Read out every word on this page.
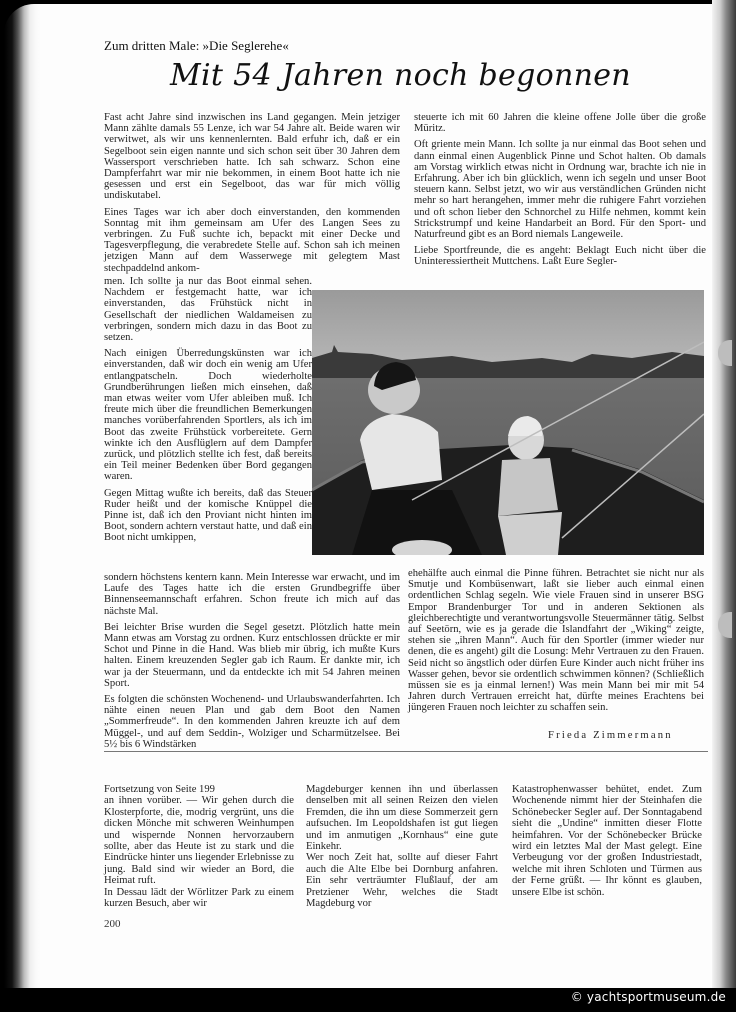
Zum dritten Male: »Die Seglerehe«
Mit 54 Jahren noch begonnen

Fast acht Jahre sind inzwischen ins Land gegangen. Mein jetziger Mann zählte damals 55 Lenze, ich war 54 Jahre alt. Beide waren wir verwitwet, als wir uns kennenlernten. Bald erfuhr ich, daß er ein Segelboot sein eigen nannte und sich schon seit über 30 Jahren dem Wassersport verschrieben hatte. Ich sah schwarz. Schon eine Dampferfahrt war mir nie bekommen, in einem Boot hatte ich nie gesessen und erst ein Segelboot, das war für mich völlig undiskutabel.

Eines Tages war ich aber doch einverstanden, den kommenden Sonntag mit ihm gemeinsam am Ufer des Langen Sees zu verbringen. Zu Fuß suchte ich, bepackt mit einer Decke und Tagesverpflegung, die verabredete Stelle auf. Schon sah ich meinen jetzigen Mann auf dem Wasserwege mit gelegtem Mast stechpaddelnd ankom-

men. Ich sollte ja nur das Boot einmal sehen. Nachdem er festgemacht hatte, war ich einverstanden, das Frühstück nicht in Gesellschaft der niedlichen Waldameisen zu verbringen, sondern mich dazu in das Boot zu setzen.

Nach einigen Überredungskünsten war ich einverstanden, daß wir doch ein wenig am Ufer entlangpatscheln. Doch wiederholte Grundberührungen ließen mich einsehen, daß man etwas weiter vom Ufer ableiben muß. Ich freute mich über die freundlichen Bemerkungen manches vorüberfahrenden Sportlers, als ich im Boot das zweite Frühstück vorbereitete. Gern winkte ich den Ausflüglern auf dem Dampfer zurück, und plötzlich stellte ich fest, daß bereits ein Teil meiner Bedenken über Bord gegangen waren.

Gegen Mittag wußte ich bereits, daß das Steuer Ruder heißt und der komische Knüppel die Pinne ist, daß ich den Proviant nicht hinten im Boot, sondern achtern verstaut hatte, und daß ein Boot nicht umkippen,

sondern höchstens kentern kann. Mein Interesse war erwacht, und im Laufe des Tages hatte ich die ersten Grundbegriffe über Binnenseemannschaft erfahren. Schon freute ich mich auf das nächste Mal.

Bei leichter Brise wurden die Segel gesetzt. Plötzlich hatte mein Mann etwas am Vorstag zu ordnen. Kurz entschlossen drückte er mir Schot und Pinne in die Hand. Was blieb mir übrig, ich mußte Kurs halten. Einem kreuzenden Segler gab ich Raum. Er dankte mir, ich war ja der Steuermann, und da entdeckte ich mit 54 Jahren meinen Sport.

Es folgten die schönsten Wochenend- und Urlaubswanderfahrten. Ich nähte einen neuen Plan und gab dem Boot den Namen „Sommerfreude“. In den kommenden Jahren kreuzte ich auf dem Müggel-, und auf dem Seddin-, Wolziger und Scharmützelsee. Bei 5½ bis 6 Windstärken

steuerte ich mit 60 Jahren die kleine offene Jolle über die große Müritz.

Oft griente mein Mann. Ich sollte ja nur einmal das Boot sehen und dann einmal einen Augenblick Pinne und Schot halten. Ob damals am Vorstag wirklich etwas nicht in Ordnung war, brachte ich nie in Erfahrung. Aber ich bin glücklich, wenn ich segeln und unser Boot steuern kann. Selbst jetzt, wo wir aus verständlichen Gründen nicht mehr so hart herangehen, immer mehr die ruhigere Fahrt vorziehen und oft schon lieber den Schnorchel zu Hilfe nehmen, kommt kein Strickstrumpf und keine Handarbeit an Bord. Für den Sport- und Naturfreund gibt es an Bord niemals Langeweile.

Liebe Sportfreunde, die es angeht: Beklagt Euch nicht über die Uninteressiertheit Muttchens. Laßt Eure Segler-

ehehälfte auch einmal die Pinne führen. Betrachtet sie nicht nur als Smutje und Kombüsenwart, laßt sie lieber auch einmal einen ordentlichen Schlag segeln. Wie viele Frauen sind in unserer BSG Empor Brandenburger Tor und in anderen Sektionen als gleichberechtigte und verantwortungsvolle Steuermänner tätig. Selbst auf Seetörn, wie es ja gerade die Islandfahrt der „Wiking“ zeigte, stehen sie „ihren Mann“. Auch für den Sportler (immer wieder nur denen, die es angeht) gilt die Losung: Mehr Vertrauen zu den Frauen. Seid nicht so ängstlich oder dürfen Eure Kinder auch nicht früher ins Wasser gehen, bevor sie ordentlich schwimmen können? (Schließlich müssen sie es ja einmal lernen!) Was mein Mann bei mir mit 54 Jahren durch Vertrauen erreicht hat, dürfte meines Erachtens bei jüngeren Frauen noch leichter zu schaffen sein.

Frieda Zimmermann

Fortsetzung von Seite 199

an ihnen vorüber. — Wir gehen durch die Klosterpforte, die, modrig vergrünt, uns die dicken Mönche mit schweren Weinhumpen und wispernde Nonnen hervorzaubern sollte, aber das Heute ist zu stark und die Eindrücke hinter uns liegender Erlebnisse zu jung. Bald sind wir wieder an Bord, die Heimat ruft.

In Dessau lädt der Wörlitzer Park zu einem kurzen Besuch, aber wir

Magdeburger kennen ihn und überlassen denselben mit all seinen Reizen den vielen Fremden, die ihn um diese Sommerzeit gern aufsuchen. Im Leopoldshafen ist gut liegen und im anmutigen „Kornhaus“ eine gute Einkehr.

Wer noch Zeit hat, sollte auf dieser Fahrt auch die Alte Elbe bei Dornburg anfahren. Ein sehr verträumter Flußlauf, der am Pretziener Wehr, welches die Stadt Magdeburg vor

Katastrophenwasser behütet, endet. Zum Wochenende nimmt hier der Steinhafen die Schönebecker Segler auf. Der Sonntagabend sieht die „Undine“ inmitten dieser Flotte heimfahren. Vor der Schönebecker Brücke wird ein letztes Mal der Mast gelegt. Eine Verbeugung vor der großen Industriestadt, welche mit ihren Schloten und Türmen aus der Ferne grüßt. — Ihr könnt es glauben, unsere Elbe ist schön.

200
© yachtsportmuseum.de
